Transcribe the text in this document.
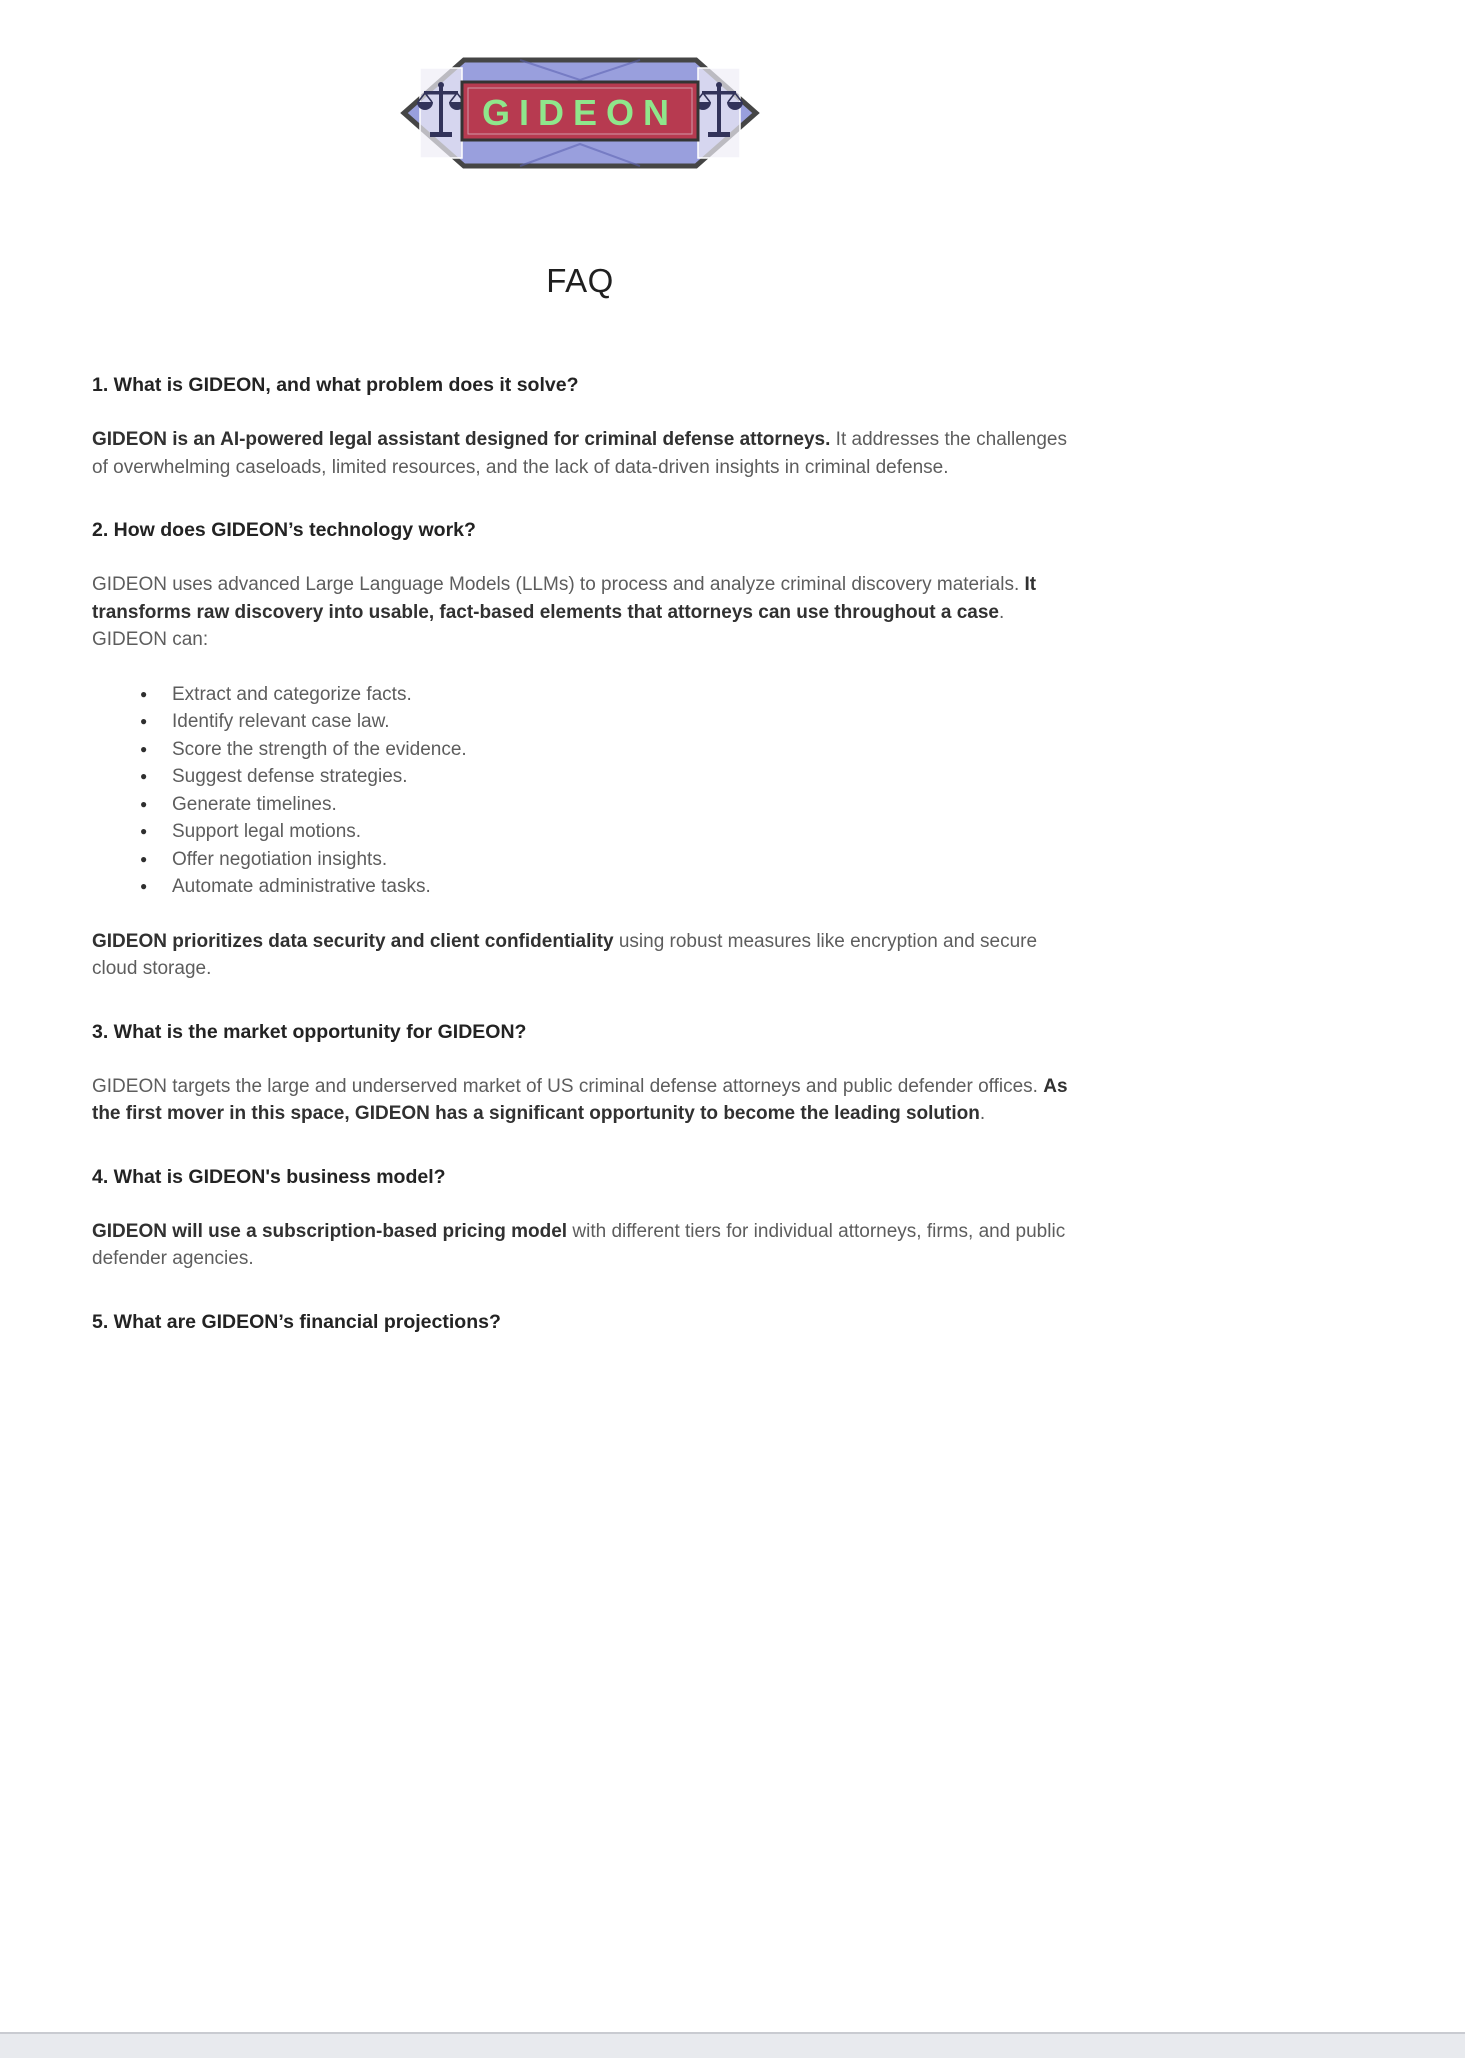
GIDEON
FAQ
1. What is GIDEON, and what problem does it solve?

GIDEON is an AI-powered legal assistant designed for criminal defense attorneys. It addresses the challenges of overwhelming caseloads, limited resources, and the lack of data-driven insights in criminal defense.

2. How does GIDEON’s technology work?

GIDEON uses advanced Large Language Models (LLMs) to process and analyze criminal discovery materials. It transforms raw discovery into usable, fact-based elements that attorneys can use throughout a case. GIDEON can:

● Extract and categorize facts.
● Identify relevant case law.
● Score the strength of the evidence.
● Suggest defense strategies.
● Generate timelines.
● Support legal motions.
● Offer negotiation insights.
● Automate administrative tasks.

GIDEON prioritizes data security and client confidentiality using robust measures like encryption and secure cloud storage.

3. What is the market opportunity for GIDEON?

GIDEON targets the large and underserved market of US criminal defense attorneys and public defender offices. As the first mover in this space, GIDEON has a significant opportunity to become the leading solution.

4. What is GIDEON's business model?

GIDEON will use a subscription-based pricing model with different tiers for individual attorneys, firms, and public defender agencies.

5. What are GIDEON’s financial projections?
